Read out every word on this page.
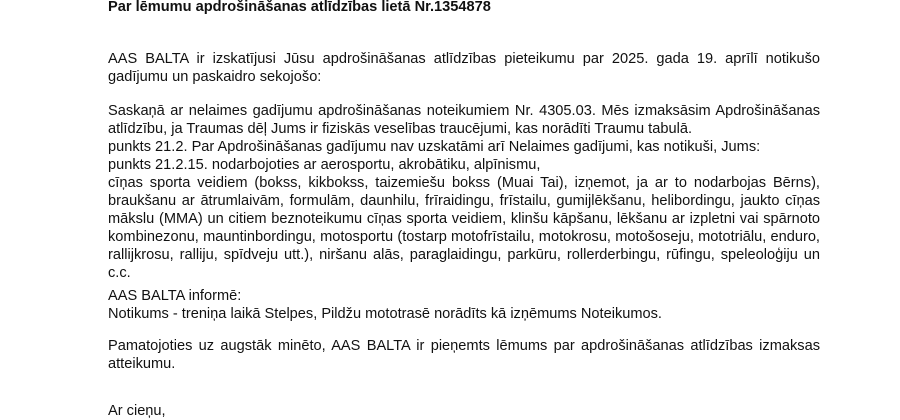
Par lēmumu apdrošināšanas atlīdzības lietā Nr.1354878

AAS BALTA ir izskatījusi Jūsu apdrošināšanas atlīdzības pieteikumu par 2025. gada 19. aprīlī notikušo
gadījumu un paskaidro sekojošo:

Saskaņā ar nelaimes gadījumu apdrošināšanas noteikumiem Nr. 4305.03. Mēs izmaksāsim Apdrošināšanas
atlīdzību, ja Traumas dēļ Jums ir fiziskās veselības traucējumi, kas norādīti Traumu tabulā.
punkts 21.2. Par Apdrošināšanas gadījumu nav uzskatāmi arī Nelaimes gadījumi, kas notikuši, Jums:
punkts 21.2.15. nodarbojoties ar aerosportu, akrobātiku, alpīnismu,
cīņas sporta veidiem (bokss, kikbokss, taizemiešu bokss (Muai Tai), izņemot, ja ar to nodarbojas Bērns),
braukšanu ar ātrumlaivām, formulām, daunhilu, frīraidingu, frīstailu, gumijlēkšanu, helibordingu, jaukto cīņas
mākslu (MMA) un citiem beznoteikumu cīņas sporta veidiem, klinšu kāpšanu, lēkšanu ar izpletni vai spārnoto
kombinezonu, mauntinbordingu, motosportu (tostarp motofrīstailu, motokrosu, motošoseju, mototriālu, enduro,
rallijkrosu, ralliju, spīdveju utt.), niršanu alās, paraglaidingu, parkūru, rollerderbingu, rūfingu, speleoloģiju un
c.c.

AAS BALTA informē:
Notikums - treniņa laikā Stelpes, Pildžu mototrasē norādīts kā izņēmums Noteikumos.

Pamatojoties uz augstāk minēto, AAS BALTA ir pieņemts lēmums par apdrošināšanas atlīdzības izmaksas
atteikumu.

Ar cieņu,
